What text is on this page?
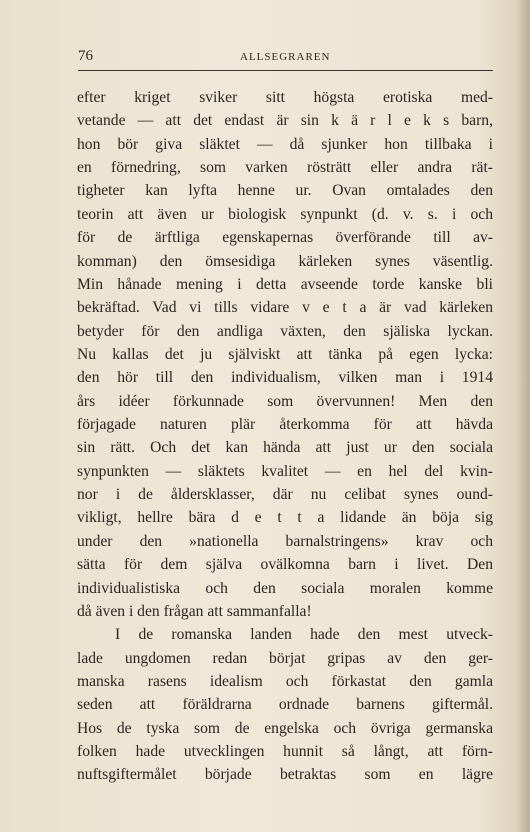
76	ALLSEGRAREN
efter kriget sviker sitt högsta erotiska med-
vetande — att det endast är sin k ä r l e k s barn,
hon bör giva släktet — då sjunker hon tillbaka i
en förnedring, som varken rösträtt eller andra rät-
tigheter kan lyfta henne ur. Ovan omtalades den
teorin att även ur biologisk synpunkt (d. v. s. i och
för de ärftliga egenskapernas överförande till av-
komman) den ömsesidiga kärleken synes väsentlig.
Min hånade mening i detta avseende torde kanske bli
bekräftad. Vad vi tills vidare v e t a är vad kärleken
betyder för den andliga växten, den själiska lyckan.
Nu kallas det ju själviskt att tänka på egen lycka:
den hör till den individualism, vilken man i 1914
års idéer förkunnade som övervunnen! Men den
förjagade naturen plär återkomma för att hävda
sin rätt. Och det kan hända att just ur den sociala
synpunkten — släktets kvalitet — en hel del kvin-
nor i de åldersklasser, där nu celibat synes ound-
vikligt, hellre bära d e t t a lidande än böja sig
under den »nationella barnalstringens» krav och
sätta för dem själva ovälkomna barn i livet. Den
individualistiska och den sociala moralen komme
då även i den frågan att sammanfalla!
I de romanska landen hade den mest utveck-
lade ungdomen redan börjat gripas av den ger-
manska rasens idealism och förkastat den gamla
seden att föräldrarna ordnade barnens giftermål.
Hos de tyska som de engelska och övriga germanska
folken hade utvecklingen hunnit så långt, att förn-
nuftsgiftermålet började betraktas som en lägre
